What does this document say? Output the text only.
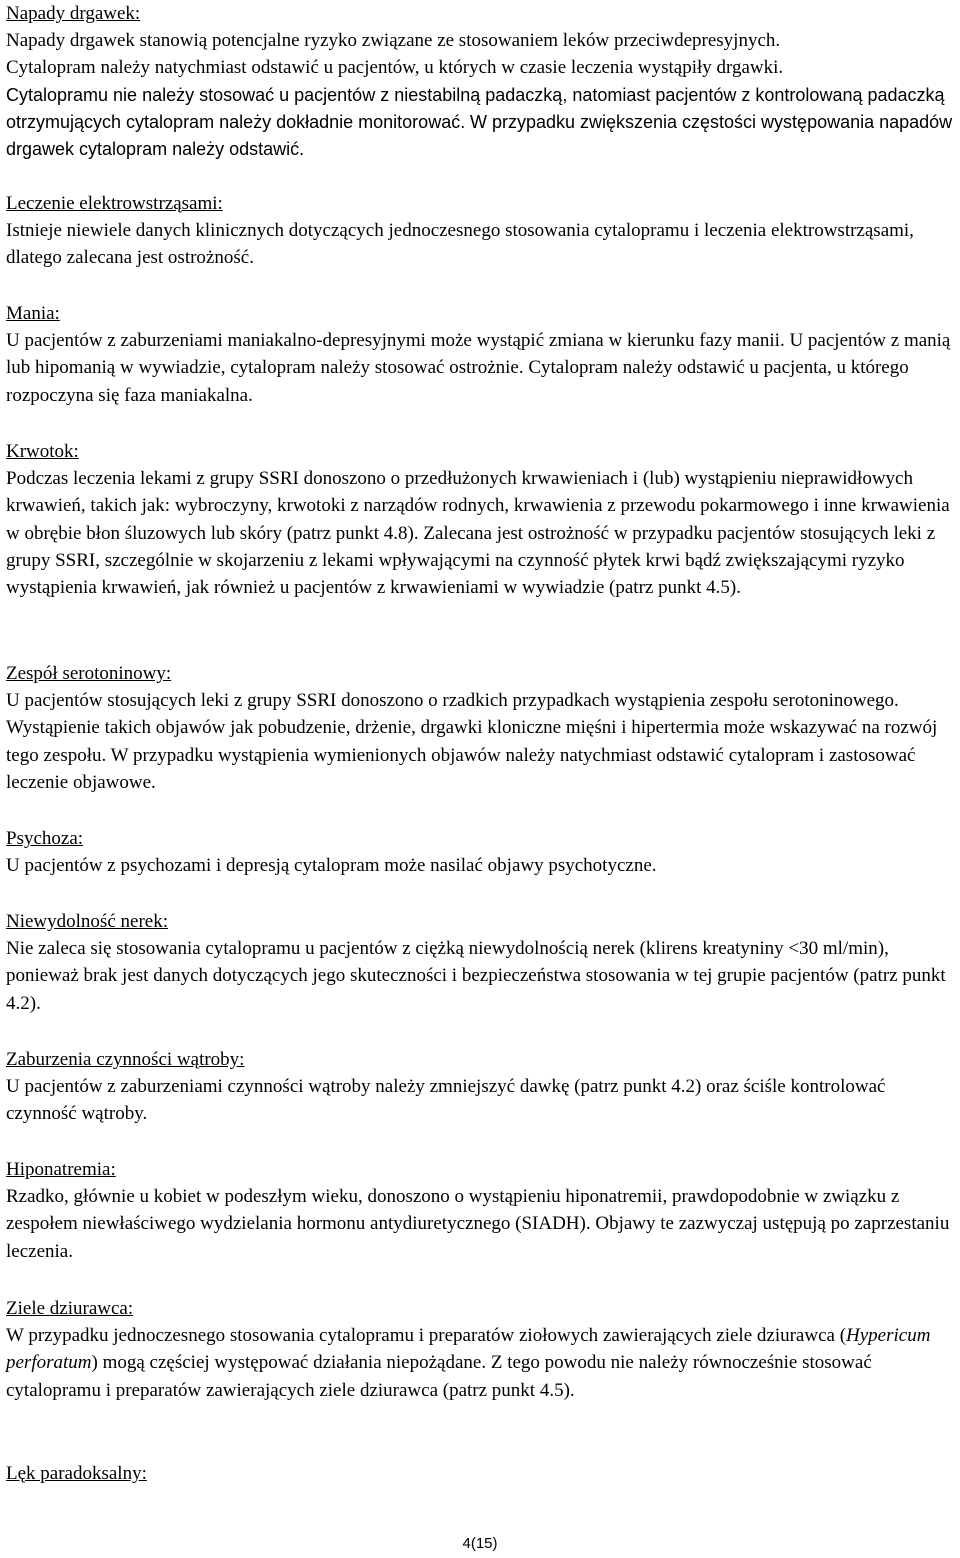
Napady drgawek:

Napady drgawek stanowią potencjalne ryzyko związane ze stosowaniem leków przeciwdepresyjnych.
Cytalopram należy natychmiast odstawić u pacjentów, u których w czasie leczenia wystąpiły drgawki.
Cytalopramu nie należy stosować u pacjentów z niestabilną padaczką, natomiast pacjentów z kontrolowaną padaczką otrzymujących cytalopram należy dokładnie monitorować. W przypadku zwiększenia częstości występowania napadów drgawek cytalopram należy odstawić.

Leczenie elektrowstrząsami:

Istnieje niewiele danych klinicznych dotyczących jednoczesnego stosowania cytalopramu i leczenia elektrowstrząsami, dlatego zalecana jest ostrożność.

Mania:

U pacjentów z zaburzeniami maniakalno-depresyjnymi może wystąpić zmiana w kierunku fazy manii. U pacjentów z manią lub hipomanią w wywiadzie, cytalopram należy stosować ostrożnie. Cytalopram należy odstawić u pacjenta, u którego rozpoczyna się faza maniakalna.

Krwotok:

Podczas leczenia lekami z grupy SSRI donoszono o przedłużonych krwawieniach i (lub) wystąpieniu nieprawidłowych krwawień, takich jak: wybroczyny, krwotoki z narządów rodnych, krwawienia z przewodu pokarmowego i inne krwawienia w obrębie błon śluzowych lub skóry (patrz punkt 4.8). Zalecana jest ostrożność w przypadku pacjentów stosujących leki z grupy SSRI, szczególnie w skojarzeniu z lekami wpływającymi na czynność płytek krwi bądź zwiększającymi ryzyko wystąpienia krwawień, jak również u pacjentów z krwawieniami w wywiadzie (patrz punkt 4.5).

Zespół serotoninowy:

U pacjentów stosujących leki z grupy SSRI donoszono o rzadkich przypadkach wystąpienia zespołu serotoninowego. Wystąpienie takich objawów jak pobudzenie, drżenie, drgawki kloniczne mięśni i hipertermia może wskazywać na rozwój tego zespołu. W przypadku wystąpienia wymienionych objawów należy natychmiast odstawić cytalopram i zastosować leczenie objawowe.

Psychoza:

U pacjentów z psychozami i depresją cytalopram może nasilać objawy psychotyczne.

Niewydolność nerek:

Nie zaleca się stosowania cytalopramu u pacjentów z ciężką niewydolnością nerek (klirens kreatyniny <30 ml/min), ponieważ brak jest danych dotyczących jego skuteczności i bezpieczeństwa stosowania w tej grupie pacjentów (patrz punkt 4.2).

Zaburzenia czynności wątroby:

U pacjentów z zaburzeniami czynności wątroby należy zmniejszyć dawkę (patrz punkt 4.2) oraz ściśle kontrolować czynność wątroby.

Hiponatremia:

Rzadko, głównie u kobiet w podeszłym wieku, donoszono o wystąpieniu hiponatremii, prawdopodobnie w związku z zespołem niewłaściwego wydzielania hormonu antydiuretycznego (SIADH). Objawy te zazwyczaj ustępują po zaprzestaniu leczenia.

Ziele dziurawca:

W przypadku jednoczesnego stosowania cytalopramu i preparatów ziołowych zawierających ziele dziurawca (Hypericum perforatum) mogą częściej występować działania niepożądane. Z tego powodu nie należy równocześnie stosować cytalopramu i preparatów zawierających ziele dziurawca (patrz punkt 4.5).

Lęk paradoksalny:
4(15)
